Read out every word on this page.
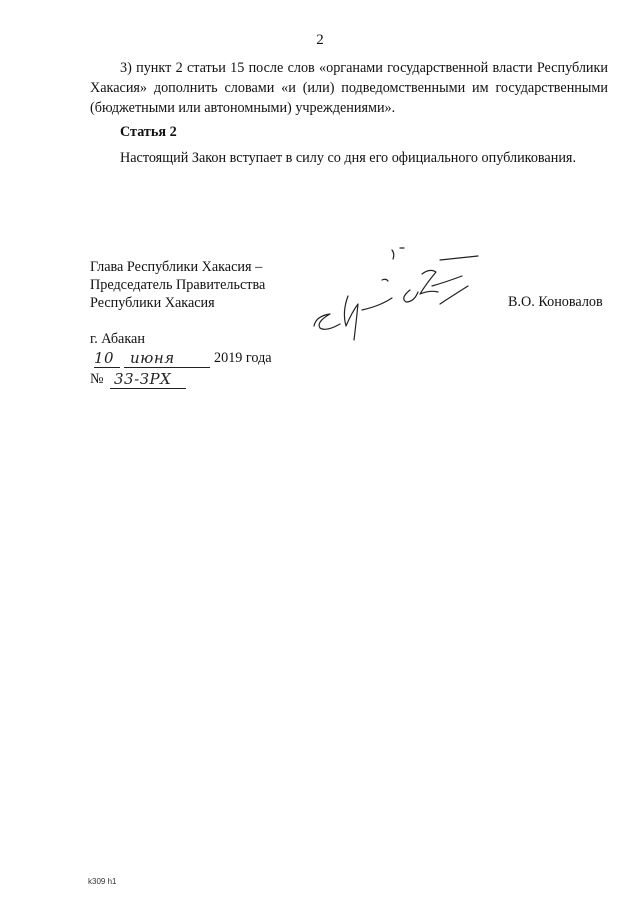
2
3) пункт 2 статьи 15 после слов «органами государственной власти Республики Хакасия» дополнить словами «и (или) подведомственными им государственными (бюджетными или автономными) учреждениями».
Статья 2
Настоящий Закон вступает в силу со дня его официального опубликования.
Глава Республики Хакасия –
Председатель Правительства
Республики Хакасия	В.О. Коновалов
г. Абакан
10	июня	2019 года
№ 33-ЗРХ
k309 h1
